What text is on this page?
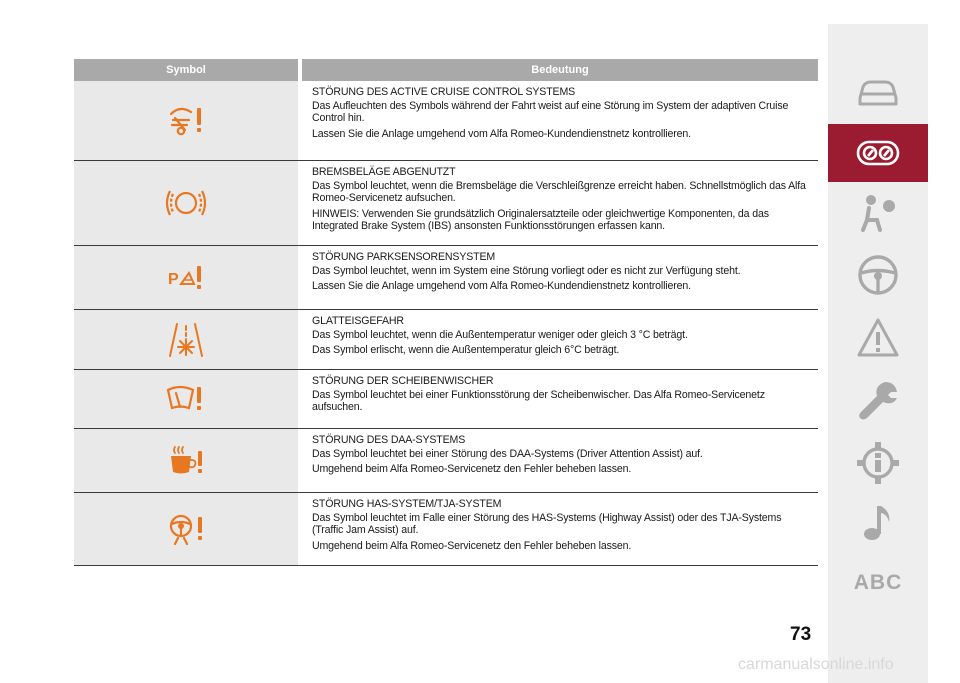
Symbol	Bedeutung
STÖRUNG DES ACTIVE CRUISE CONTROL SYSTEMS

Das Aufleuchten des Symbols während der Fahrt weist auf eine Störung im System der adaptiven Cruise Control hin.

Lassen Sie die Anlage umgehend vom Alfa Romeo-Kundendienstnetz kontrollieren.

BREMSBELÄGE ABGENUTZT

Das Symbol leuchtet, wenn die Bremsbeläge die Verschleißgrenze erreicht haben. Schnellstmöglich das Alfa Romeo-Servicenetz aufsuchen.

HINWEIS: Verwenden Sie grundsätzlich Originalersatzteile oder gleichwertige Komponenten, da das Integrated Brake System (IBS) ansonsten Funktionsstörungen erfassen kann.

P
STÖRUNG PARKSENSORENSYSTEM

Das Symbol leuchtet, wenn im System eine Störung vorliegt oder es nicht zur Verfügung steht.

Lassen Sie die Anlage umgehend vom Alfa Romeo-Kundendienstnetz kontrollieren.

GLATTEISGEFAHR

Das Symbol leuchtet, wenn die Außentemperatur weniger oder gleich 3 °C beträgt.

Das Symbol erlischt, wenn die Außentemperatur gleich 6°C beträgt.

STÖRUNG DER SCHEIBENWISCHER

Das Symbol leuchtet bei einer Funktionsstörung der Scheibenwischer. Das Alfa Romeo-Servicenetz aufsuchen.

STÖRUNG DES DAA-SYSTEMS

Das Symbol leuchtet bei einer Störung des DAA-Systems (Driver Attention Assist) auf.

Umgehend beim Alfa Romeo-Servicenetz den Fehler beheben lassen.

STÖRUNG HAS-SYSTEM/TJA-SYSTEM

Das Symbol leuchtet im Falle einer Störung des HAS-Systems (Highway Assist) oder des TJA-Systems (Traffic Jam Assist) auf.

Umgehend beim Alfa Romeo-Servicenetz den Fehler beheben lassen.

ABC
73
carmanualsonline.info
